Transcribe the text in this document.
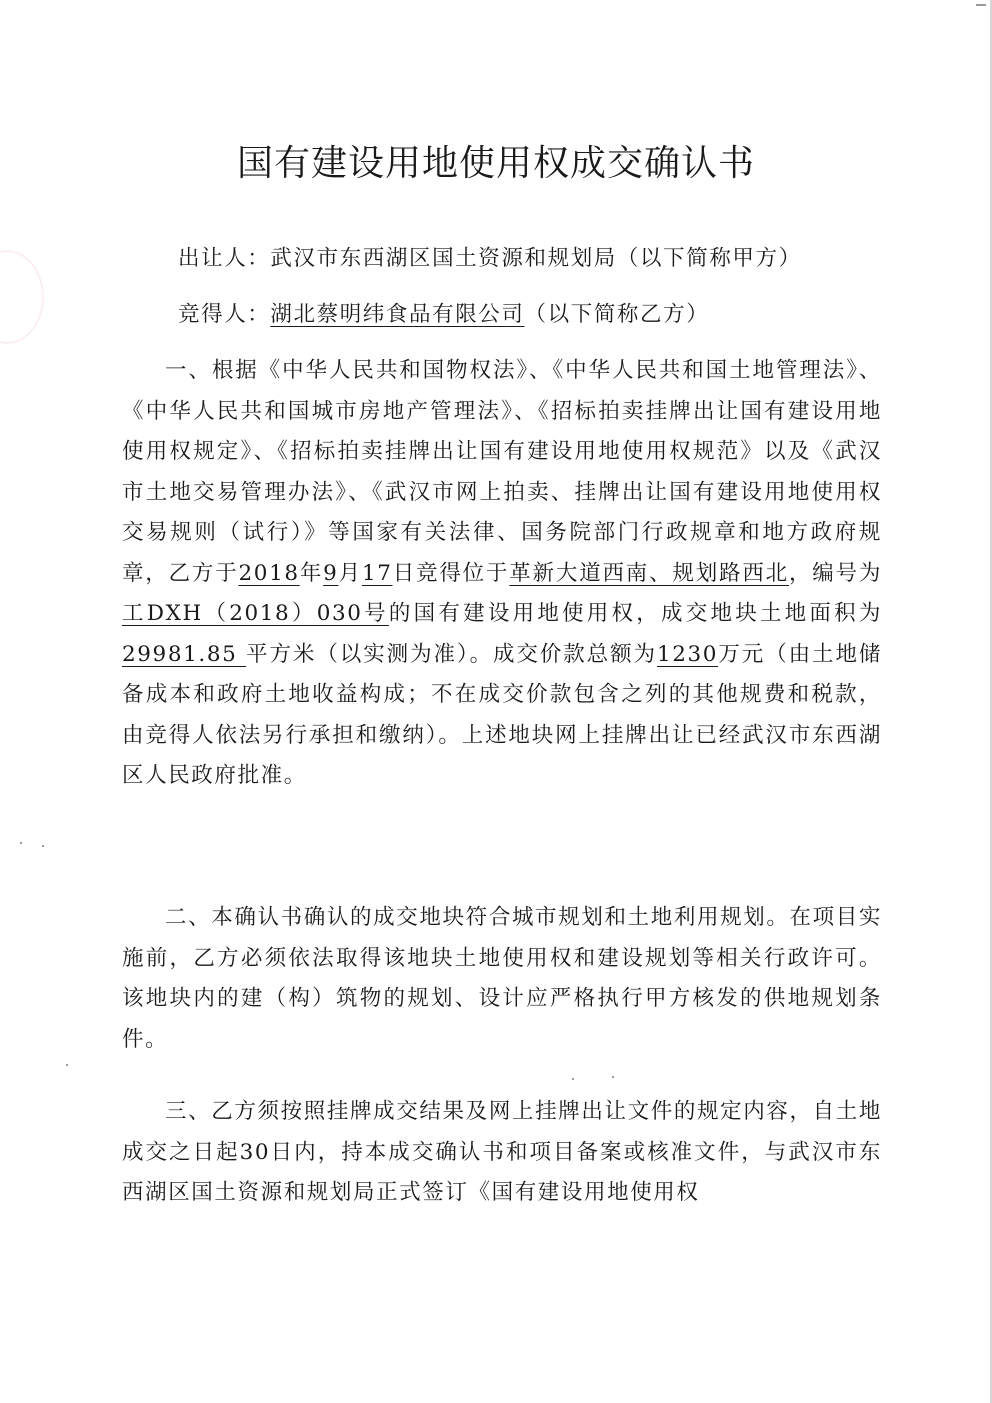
国有建设用地使用权成交确认书
出让人：武汉市东西湖区国土资源和规划局（以下简称甲方）
竞得人：湖北蔡明纬食品有限公司（以下简称乙方）

一、根据《中华人民共和国物权法》、《中华人民共和国土地管理法》、《中华人民共和国城市房地产管理法》、《招标拍卖挂牌出让国有建设用地使用权规定》、《招标拍卖挂牌出让国有建设用地使用权规范》以及《武汉市土地交易管理办法》、《武汉市网上拍卖、挂牌出让国有建设用地使用权交易规则（试行）》等国家有关法律、国务院部门行政规章和地方政府规章，乙方于2018年9月17日竞得位于革新大道西南、规划路西北，编号为工DXH（2018）030号的国有建设用地使用权，成交地块土地面积为 29981.85 平方米（以实测为准）。成交价款总额为1230万元（由土地储备成本和政府土地收益构成；不在成交价款包含之列的其他规费和税款，由竞得人依法另行承担和缴纳）。上述地块网上挂牌出让已经武汉市东西湖区人民政府批准。

二、本确认书确认的成交地块符合城市规划和土地利用规划。在项目实施前，乙方必须依法取得该地块土地使用权和建设规划等相关行政许可。该地块内的建（构）筑物的规划、设计应严格执行甲方核发的供地规划条件。

三、乙方须按照挂牌成交结果及网上挂牌出让文件的规定内容，自土地成交之日起30日内，持本成交确认书和项目备案或核准文件，与武汉市东西湖区国土资源和规划局正式签订《国有建设用地使用权
